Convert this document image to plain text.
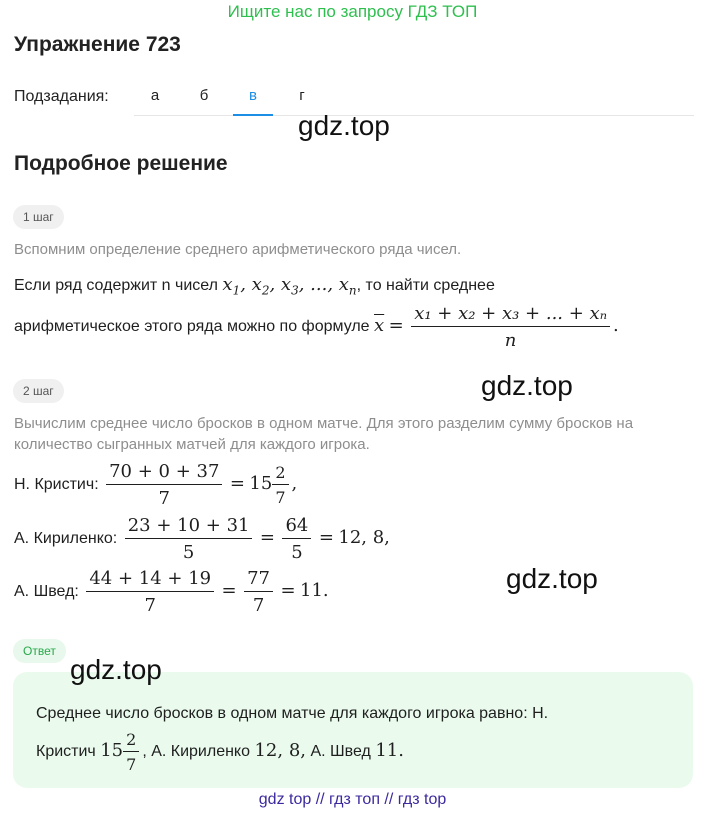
Ищите нас по запросу ГДЗ ТОП
Упражнение 723
Подзадания:	а	б	в	г
gdz.top
Подробное решение
1 шаг
Вспомним определение среднего арифметического ряда чисел.
Если ряд содержит n чисел $x_1$, $x_2$, $x_3$, ..., $x_n$, то найти среднее
арифметическое этого ряда можно по формуле $\overline{x} = \frac{\text{x₁ + x₂ + x₃ + ... + xₙ}}{n}$ .
2 шаг	gdz.top
Вычислим среднее число бросков в одном матче. Для этого разделим сумму бросков на количество сыгранных матчей для каждого игрока.
Н. Кристич: $\frac{70 + 0 + 37}{7} = 15 \frac{2}{7}$ ,
А. Кириленко: $\frac{23 + 10 + 31}{5} = \frac{64}{5} = 12$, 8,
А. Швед: $\frac{44 + 14 + 19}{7} = \frac{77}{7} = 11$.	gdz.top
Ответ
Среднее число бросков в одном матче для каждого игрока равно: Н.
Кристич $15 \frac{2}{7}$ , А. Кириленко 12, 8, А. Швед 11.
gdz.top
gdz top // гдз топ // гдз top
